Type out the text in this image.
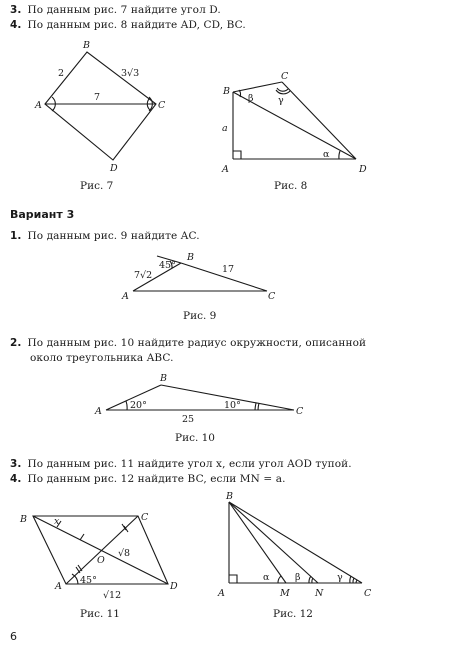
3. По данным рис. 7 найдите угол D.
4. По данным рис. 8 найдите AD, CD, BC.
B
2	3√3
A
7
C
D
B
C
β	γ
a
A
α
D
B
45°
7√2
17
A	C
B
A
20°	10°
25
C
B	C
x
O
√8
45°
A	D
√12
B
α	β	γ
A	M	N	C
Рис. 7	Рис. 8
Вариант 3
1. По данным рис. 9 найдите AC.
Рис. 9
2. По данным рис. 10 найдите радиус окружности, описанной
около треугольника ABC.
Рис. 10
3. По данным рис. 11 найдите угол x, если угол AOD тупой.
4. По данным рис. 12 найдите BC, если MN = a.
Рис. 11	Рис. 12
6
